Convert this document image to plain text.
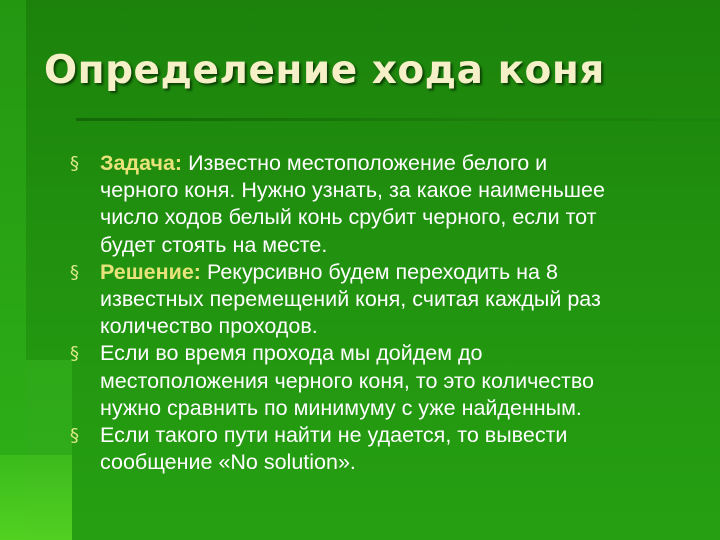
Определение хода коня
§ Задача: Известно местоположение белого и
черного коня. Нужно узнать, за какое наименьшее
число ходов белый конь срубит черного, если тот
будет стоять на месте.
§ Решение: Рекурсивно будем переходить на 8
известных перемещений коня, считая каждый раз
количество проходов.
§ Если во время прохода мы дойдем до
местоположения черного коня, то это количество
нужно сравнить по минимуму с уже найденным.
§ Если такого пути найти не удается, то вывести
сообщение «No solution».
